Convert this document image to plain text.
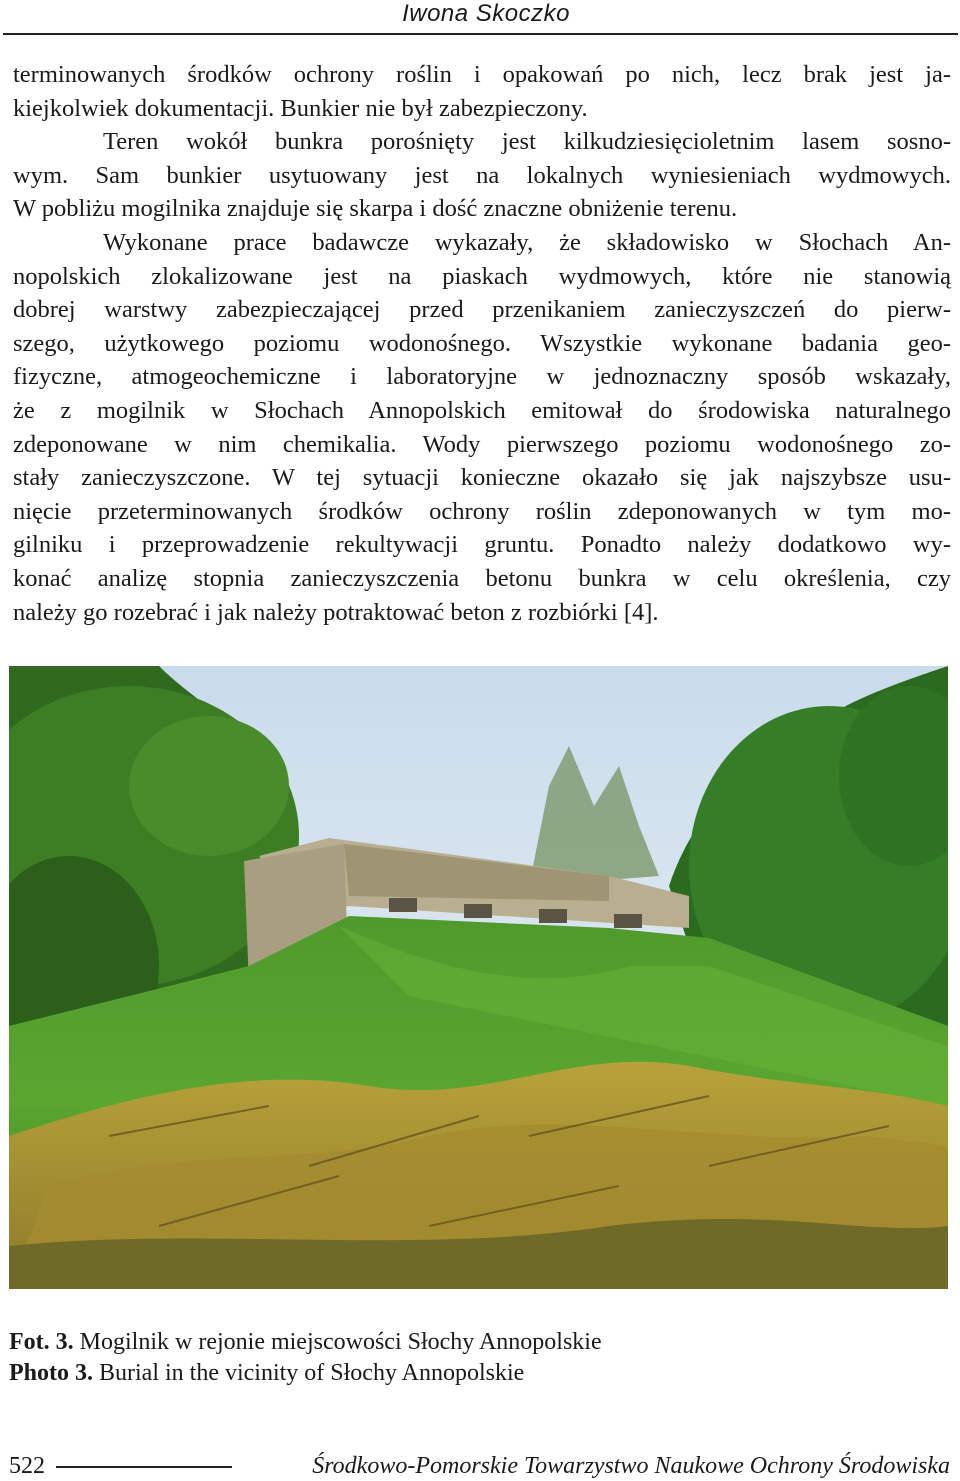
Iwona Skoczko
terminowanych środków ochrony roślin i opakowań po nich, lecz brak jest ja-
kiejkolwiek dokumentacji. Bunkier nie był zabezpieczony.
Teren wokół bunkra porośnięty jest kilkudziesięcioletnim lasem sosno-
wym. Sam bunkier usytuowany jest na lokalnych wyniesieniach wydmowych.
W pobliżu mogilnika znajduje się skarpa i dość znaczne obniżenie terenu.
Wykonane prace badawcze wykazały, że składowisko w Słochach An-
nopolskich zlokalizowane jest na piaskach wydmowych, które nie stanowią
dobrej warstwy zabezpieczającej przed przenikaniem zanieczyszczeń do pierw-
szego, użytkowego poziomu wodonośnego. Wszystkie wykonane badania geo-
fizyczne, atmogeochemiczne i laboratoryjne w jednoznaczny sposób wskazały,
że z mogilnik w Słochach Annopolskich emitował do środowiska naturalnego
zdeponowane w nim chemikalia. Wody pierwszego poziomu wodonośnego zo-
stały zanieczyszczone. W tej sytuacji konieczne okazało się jak najszybsze usu-
nięcie przeterminowanych środków ochrony roślin zdeponowanych w tym mo-
gilniku i przeprowadzenie rekultywacji gruntu. Ponadto należy dodatkowo wy-
konać analizę stopnia zanieczyszczenia betonu bunkra w celu określenia, czy
należy go rozebrać i jak należy potraktować beton z rozbiórki [4].
Fot. 3. Mogilnik w rejonie miejscowości Słochy Annopolskie
Photo 3. Burial in the vicinity of Słochy Annopolskie
522	Środkowo-Pomorskie Towarzystwo Naukowe Ochrony Środowiska
